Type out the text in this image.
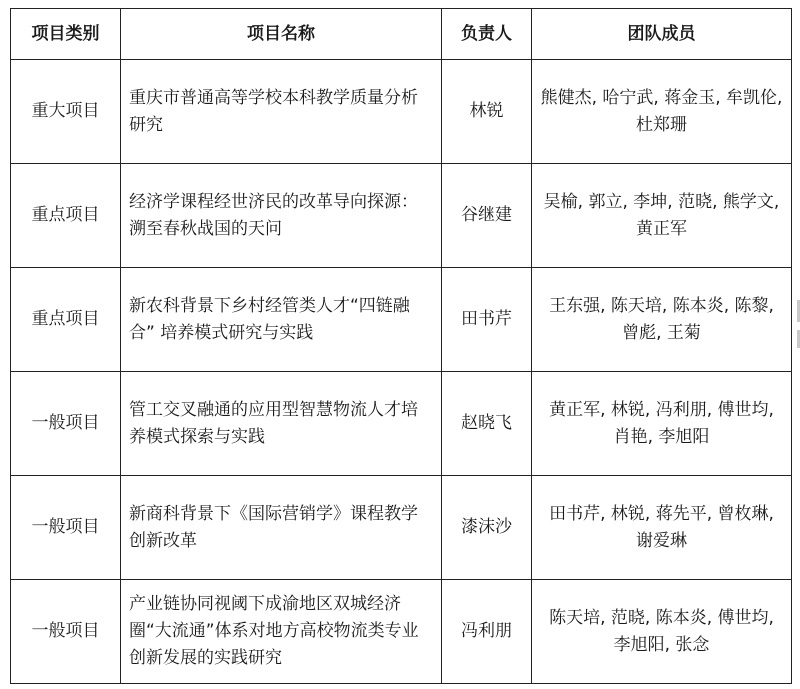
项目类别	项目名称	负责人	团队成员
重大项目	重庆市普通高等学校本科教学质量分析研究	林锐	熊健杰, 哈宁武, 蒋金玉, 牟凯伦, 杜郑珊
重点项目	经济学课程经世济民的改革导向探源：溯至春秋战国的天问	谷继建	吴榆, 郭立, 李坤, 范晓, 熊学文, 黄正军
重点项目	新农科背景下乡村经管类人才“四链融合” 培养模式研究与实践	田书芹	王东强, 陈天培, 陈本炎, 陈黎, 曾彪, 王菊
一般项目	管工交叉融通的应用型智慧物流人才培养模式探索与实践	赵晓飞	黄正军, 林锐, 冯利朋, 傅世均, 肖艳, 李旭阳
一般项目	新商科背景下《国际营销学》课程教学创新改革	漆沫沙	田书芹, 林锐, 蒋先平, 曾枚琳, 谢爱琳
一般项目	产业链协同视阈下成渝地区双城经济圈“大流通”体系对地方高校物流类专业创新发展的实践研究	冯利朋	陈天培, 范晓, 陈本炎, 傅世均, 李旭阳, 张念
